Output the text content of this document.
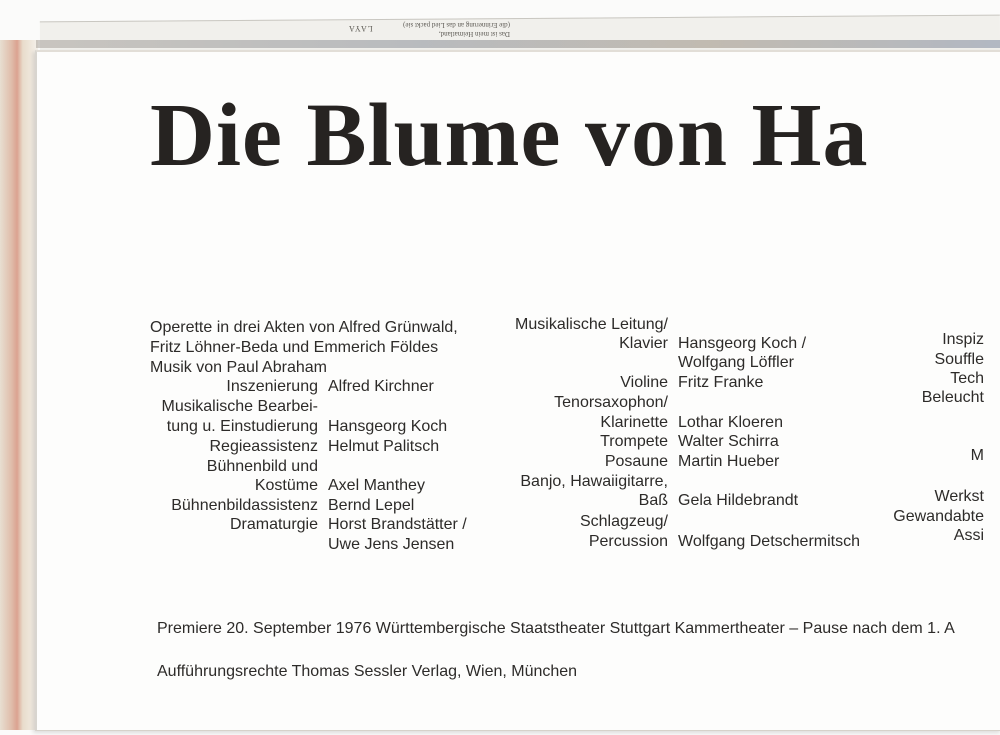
Das ist mein Heimatland,
(die Erinnerung an das Lied packt sie)
LAYA
Die Blume von Ha
Operette in drei Akten von Alfred Grünwald,
Fritz Löhner-Beda und Emmerich Földes
Musik von Paul Abraham
Inszenierung Alfred Kirchner
Musikalische Bearbei-
tung u. Einstudierung Hansgeorg Koch
Regieassistenz Helmut Palitsch
Bühnenbild und
Kostüme Axel Manthey
Bühnenbildassistenz Bernd Lepel
Dramaturgie Horst Brandstätter /
Uwe Jens Jensen
Musikalische Leitung/
Klavier Hansgeorg Koch /
Wolfgang Löffler
Violine Fritz Franke
Tenorsaxophon/
Klarinette Lothar Kloeren
Trompete Walter Schirra
Posaune Martin Hueber
Banjo, Hawaiigitarre,
Baß Gela Hildebrandt
Schlagzeug/
Percussion Wolfgang Detschermitsch
Inspiz
Souffle
Tech
Beleucht
M
Werkst
Gewandabte
Assi
Premiere 20. September 1976 Württembergische Staatstheater Stuttgart Kammertheater – Pause nach dem 1. A
Aufführungsrechte Thomas Sessler Verlag, Wien, München
